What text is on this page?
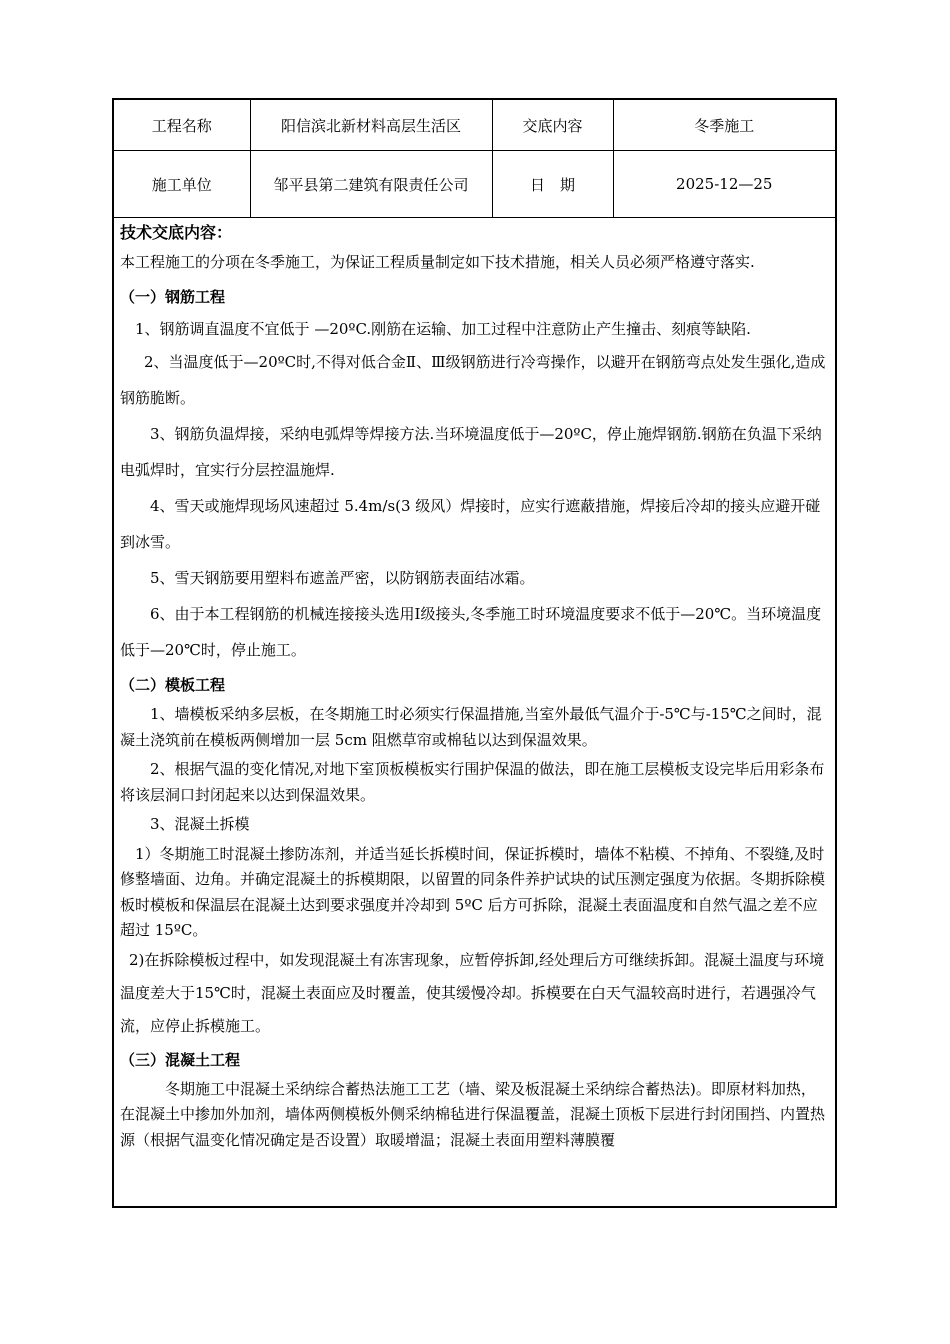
工程名称	阳信滨北新材料高层生活区	交底内容	冬季施工
施工单位	邹平县第二建筑有限责任公司	日　期	2025-12—25

技术交底内容：

本工程施工的分项在冬季施工，为保证工程质量制定如下技术措施，相关人员必须严格遵守落实.

（一）钢筋工程

1、钢筋调直温度不宜低于 —20ºC.刚筋在运输、加工过程中注意防止产生撞击、刻痕等缺陷.

2、当温度低于—20ºC时,不得对低合金Ⅱ、Ⅲ级钢筋进行冷弯操作，以避开在钢筋弯点处发生强化,造成钢筋脆断。

3、钢筋负温焊接，采纳电弧焊等焊接方法.当环境温度低于—20ºC，停止施焊钢筋.钢筋在负温下采纳电弧焊时，宜实行分层控温施焊.

4、雪天或施焊现场风速超过 5.4m/s(3 级风）焊接时，应实行遮蔽措施，焊接后冷却的接头应避开碰到冰雪。

5、雪天钢筋要用塑料布遮盖严密，以防钢筋表面结冰霜。

6、由于本工程钢筋的机械连接接头选用Ⅰ级接头,冬季施工时环境温度要求不低于—20℃。当环境温度低于—20℃时，停止施工。

（二）模板工程

1、墙模板采纳多层板，在冬期施工时必须实行保温措施,当室外最低气温介于-5℃与-15℃之间时，混凝土浇筑前在模板两侧增加一层 5cm 阻燃草帘或棉毡以达到保温效果。

2、根据气温的变化情况,对地下室顶板模板实行围护保温的做法，即在施工层模板支设完毕后用彩条布将该层洞口封闭起来以达到保温效果。

3、混凝土拆模

1）冬期施工时混凝土掺防冻剂，并适当延长拆模时间，保证拆模时，墙体不粘模、不掉角、不裂缝,及时修整墙面、边角。并确定混凝土的拆模期限，以留置的同条件养护试块的试压测定强度为依据。冬期拆除模板时模板和保温层在混凝土达到要求强度并冷却到 5ºC 后方可拆除，混凝土表面温度和自然气温之差不应超过 15ºC。

2)在拆除模板过程中，如发现混凝土有冻害现象，应暂停拆卸,经处理后方可继续拆卸。混凝土温度与环境温度差大于15℃时，混凝土表面应及时覆盖，使其缓慢冷却。拆模要在白天气温较高时进行，若遇强冷气流，应停止拆模施工。

（三）混凝土工程

冬期施工中混凝土采纳综合蓄热法施工工艺（墙、梁及板混凝土采纳综合蓄热法)。即原材料加热，在混凝土中掺加外加剂，墙体两侧模板外侧采纳棉毡进行保温覆盖，混凝土顶板下层进行封闭围挡、内置热源（根据气温变化情况确定是否设置）取暖增温；混凝土表面用塑料薄膜覆
